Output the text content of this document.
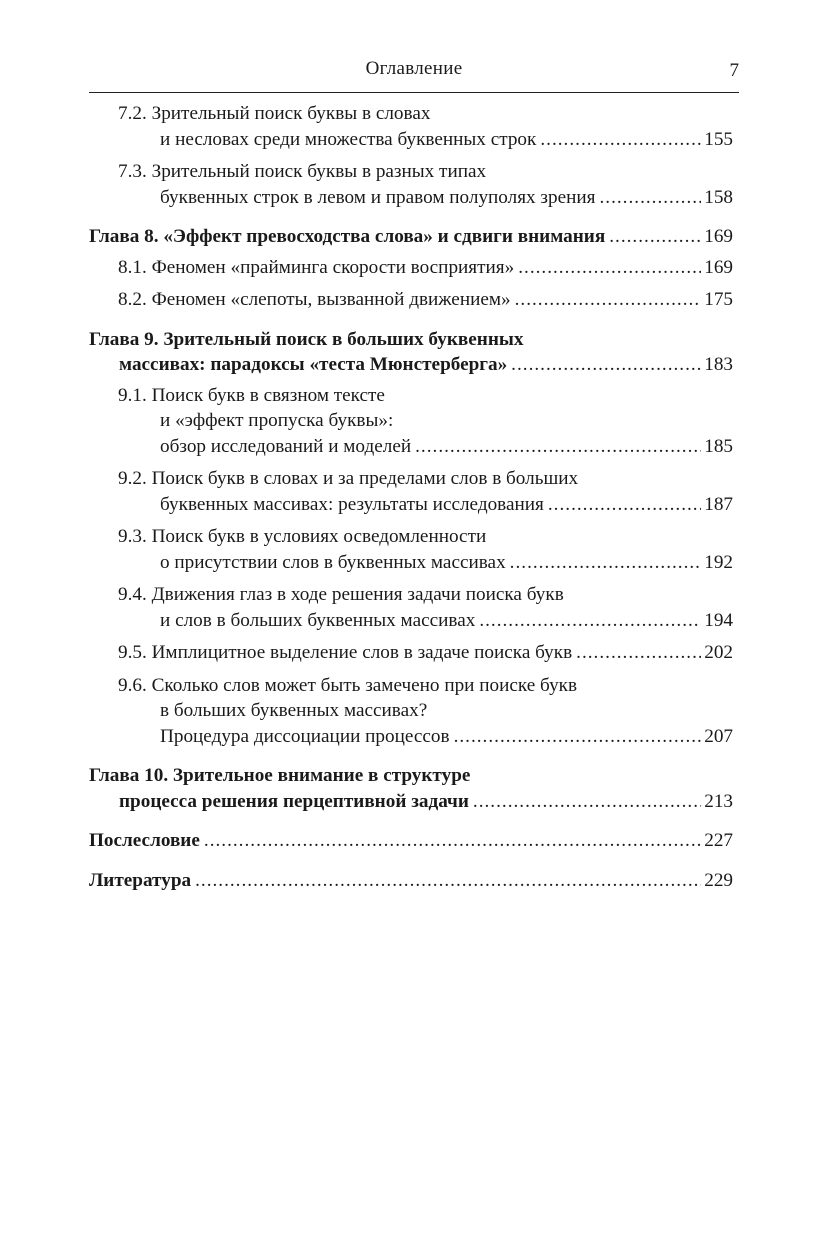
Оглавление	7
7.2. Зрительный поиск буквы в словах
и несловах среди множества буквенных строк .....	155
7.3. Зрительный поиск буквы в разных типах
буквенных строк в левом и правом полуполях зрения .....	158
Глава 8. «Эффект превосходства слова» и сдвиги внимания .....	169
8.1. Феномен «прайминга скорости восприятия» .....	169
8.2. Феномен «слепоты, вызванной движением» .....	175
Глава 9. Зрительный поиск в больших буквенных
массивах: парадоксы «теста Мюнстерберга» .....	183
9.1. Поиск букв в связном тексте
и «эффект пропуска буквы»:
обзор исследований и моделей .....	185
9.2. Поиск букв в словах и за пределами слов в больших
буквенных массивах: результаты исследования .....	187
9.3. Поиск букв в условиях осведомленности
о присутствии слов в буквенных массивах .....	192
9.4. Движения глаз в ходе решения задачи поиска букв
и слов в больших буквенных массивах .....	194
9.5. Имплицитное выделение слов в задаче поиска букв .....	202
9.6. Сколько слов может быть замечено при поиске букв
в больших буквенных массивах?
Процедура диссоциации процессов .....	207
Глава 10. Зрительное внимание в структуре
процесса решения перцептивной задачи .....	213
Послесловие .....	227
Литература .....	229
